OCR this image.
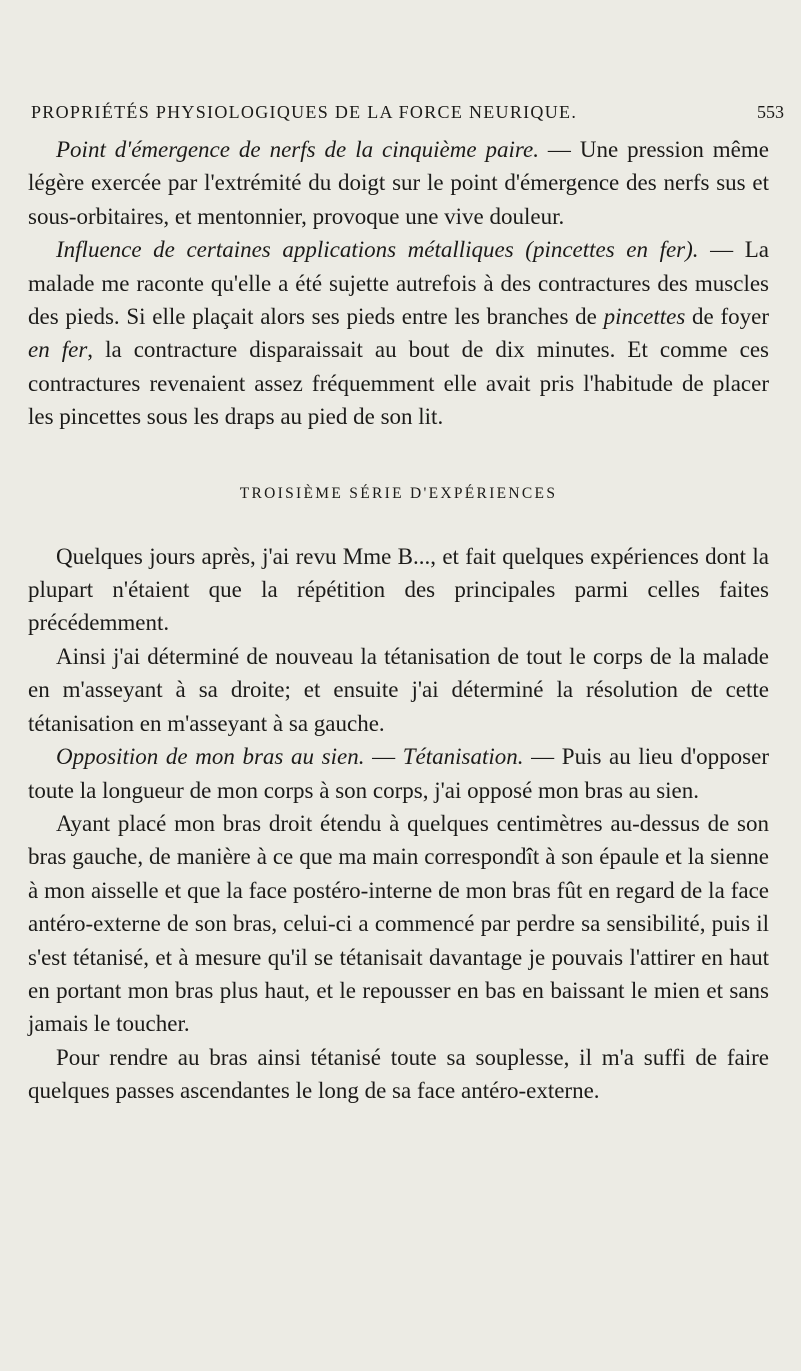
PROPRIÉTÉS PHYSIOLOGIQUES DE LA FORCE NEURIQUE.	553

Point d'émergence de nerfs de la cinquième paire. — Une pression même légère exercée par l'extrémité du doigt sur le point d'émergence des nerfs sus et sous-orbitaires, et mentonnier, provoque une vive douleur.

Influence de certaines applications métalliques (pincettes en fer). — La malade me raconte qu'elle a été sujette autrefois à des contractures des muscles des pieds. Si elle plaçait alors ses pieds entre les branches de pincettes de foyer en fer, la contracture disparaissait au bout de dix minutes. Et comme ces contractures revenaient assez fréquemment elle avait pris l'habitude de placer les pincettes sous les draps au pied de son lit.

TROISIÈME SÉRIE D'EXPÉRIENCES

Quelques jours après, j'ai revu Mme B..., et fait quelques expériences dont la plupart n'étaient que la répétition des principales parmi celles faites précédemment.

Ainsi j'ai déterminé de nouveau la tétanisation de tout le corps de la malade en m'asseyant à sa droite; et ensuite j'ai déterminé la résolution de cette tétanisation en m'asseyant à sa gauche.

Opposition de mon bras au sien. — Tétanisation. — Puis au lieu d'opposer toute la longueur de mon corps à son corps, j'ai opposé mon bras au sien.

Ayant placé mon bras droit étendu à quelques centimètres au-dessus de son bras gauche, de manière à ce que ma main correspondît à son épaule et la sienne à mon aisselle et que la face postéro-interne de mon bras fût en regard de la face antéro-externe de son bras, celui-ci a commencé par perdre sa sensibilité, puis il s'est tétanisé, et à mesure qu'il se tétanisait davantage je pouvais l'attirer en haut en portant mon bras plus haut, et le repousser en bas en baissant le mien et sans jamais le toucher.

Pour rendre au bras ainsi tétanisé toute sa souplesse, il m'a suffi de faire quelques passes ascendantes le long de sa face antéro-externe.
